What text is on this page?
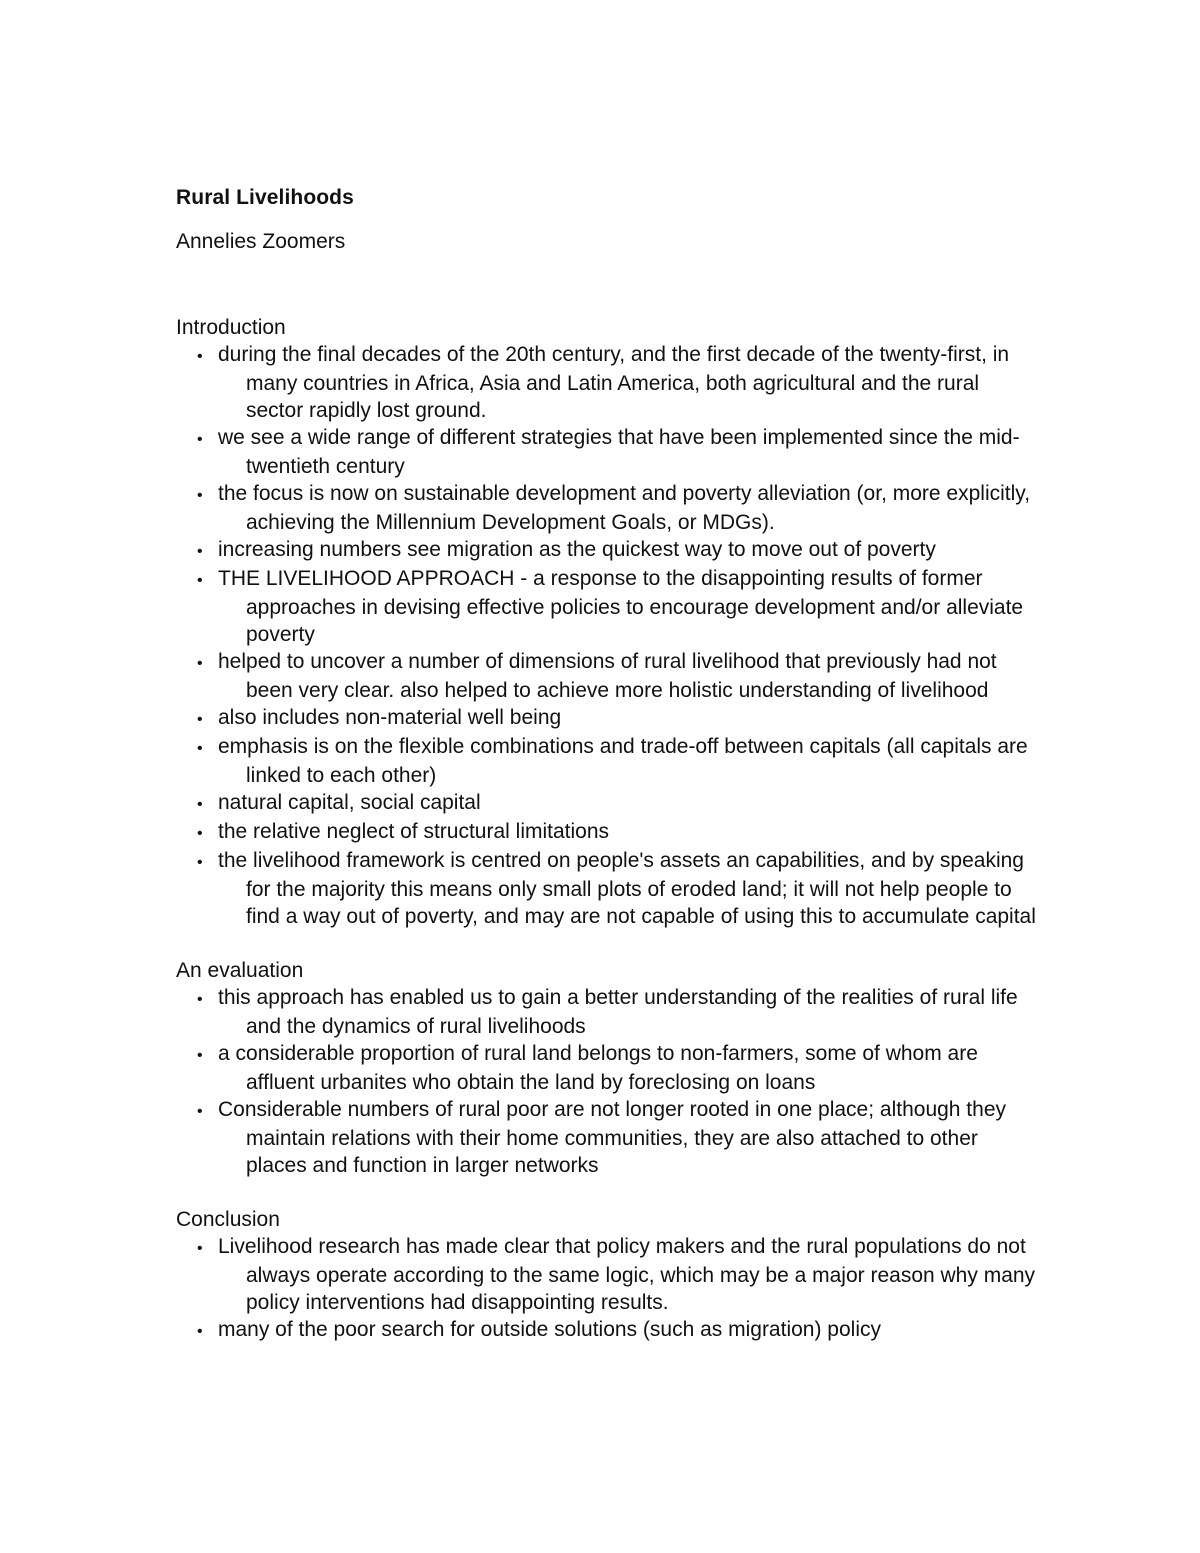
Rural Livelihoods

Annelies Zoomers

Introduction

• during the final decades of the 20th century, and the first decade of the twenty-first, in many countries in Africa, Asia and Latin America, both agricultural and the rural sector rapidly lost ground.
• we see a wide range of different strategies that have been implemented since the mid-twentieth century
• the focus is now on sustainable development and poverty alleviation (or, more explicitly, achieving the Millennium Development Goals, or MDGs).
• increasing numbers see migration as the quickest way to move out of poverty
• THE LIVELIHOOD APPROACH - a response to the disappointing results of former approaches in devising effective policies to encourage development and/or alleviate poverty
• helped to uncover a number of dimensions of rural livelihood that previously had not been very clear. also helped to achieve more holistic understanding of livelihood
• also includes non-material well being
• emphasis is on the flexible combinations and trade-off between capitals (all capitals are linked to each other)
• natural capital, social capital
• the relative neglect of structural limitations
• the livelihood framework is centred on people's assets an capabilities, and by speaking for the majority this means only small plots of eroded land; it will not help people to find a way out of poverty, and may are not capable of using this to accumulate capital

An evaluation

• this approach has enabled us to gain a better understanding of the realities of rural life and the dynamics of rural livelihoods
• a considerable proportion of rural land belongs to non-farmers, some of whom are affluent urbanites who obtain the land by foreclosing on loans
• Considerable numbers of rural poor are not longer rooted in one place; although they maintain relations with their home communities, they are also attached to other places and function in larger networks

Conclusion

• Livelihood research has made clear that policy makers and the rural populations do not always operate according to the same logic, which may be a major reason why many policy interventions had disappointing results.
• many of the poor search for outside solutions (such as migration) policy
